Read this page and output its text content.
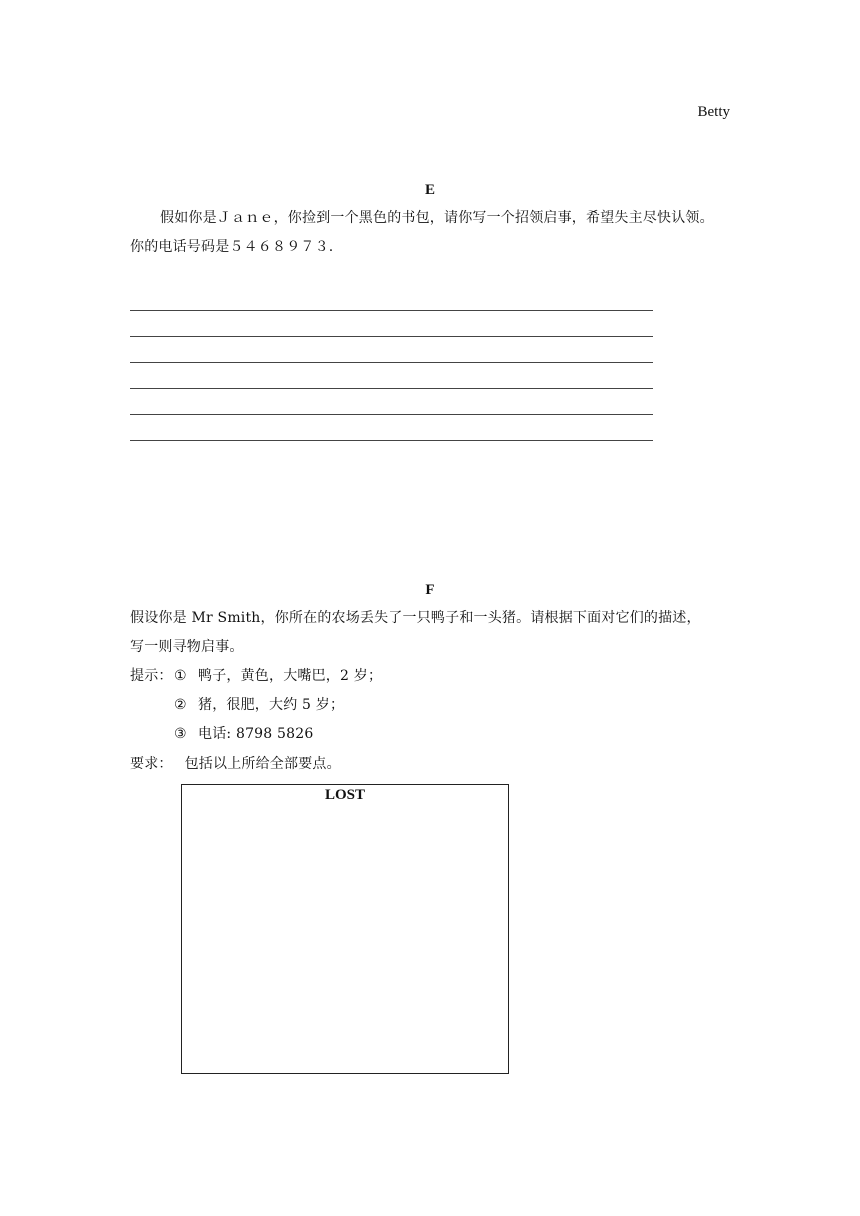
Betty
E
假如你是Ｊａｎｅ，你捡到一个黑色的书包，请你写一个招领启事，希望失主尽快认领。
你的电话号码是５４６８９７３.
F
假设你是 Mr Smith，你所在的农场丢失了一只鸭子和一头猪。请根据下面对它们的描述，
写一则寻物启事。
提示： ① 鸭子，黄色，大嘴巴，2 岁；
② 猪，很肥，大约 5 岁；
③ 电话: 8798 5826
要求： 包括以上所给全部要点。
LOST
